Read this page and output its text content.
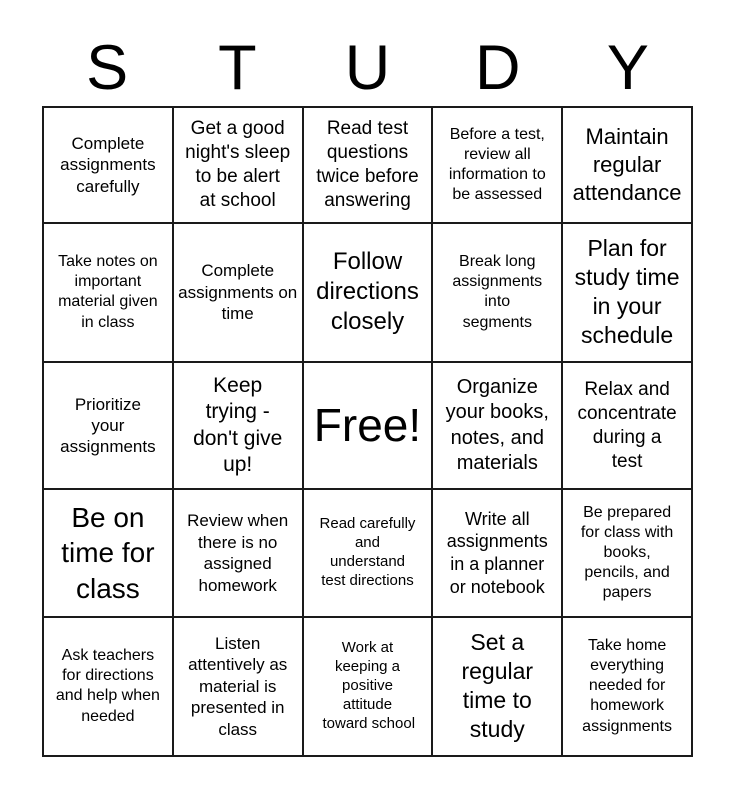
S	T	U	D	Y
Complete assignments carefully	Get a good night's sleep to be alert at school	Read test questions twice before answering	Before a test, review all information to be assessed	Maintain regular attendance

Take notes on important material given in class	Complete assignments on time	Follow directions closely	Break long assignments into segments	Plan for study time in your schedule

Prioritize your assignments	Keep trying - don't give up!	Free!	Organize your books, notes, and materials	Relax and concentrate during a test

Be on time for class	Review when there is no assigned homework	Read carefully and understand test directions	Write all assignments in a planner or notebook	Be prepared for class with books, pencils, and papers

Ask teachers for directions and help when needed	Listen attentively as material is presented in class	Work at keeping a positive attitude toward school	Set a regular time to study	Take home everything needed for homework assignments
